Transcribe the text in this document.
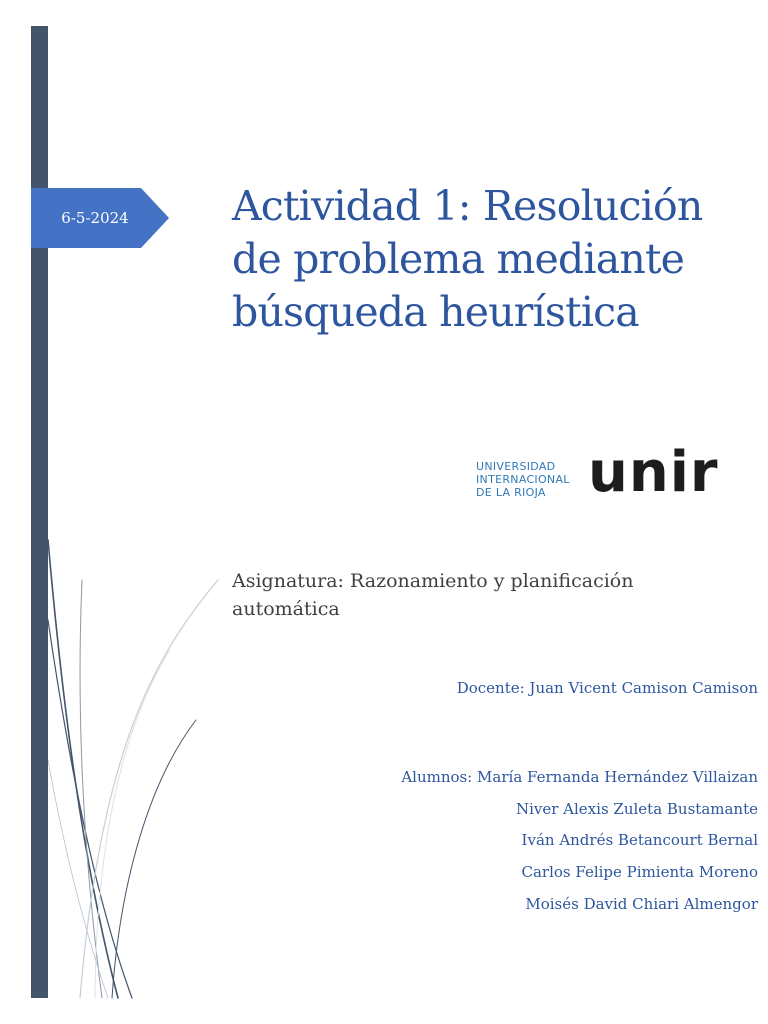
6-5-2024	Actividad 1: Resolución
de problema mediante
búsqueda heurística
UNIVERSIDAD
INTERNACIONAL
DE LA RIOJA unir
Asignatura: Razonamiento y planificación automática
Docente: Juan Vicent Camison Camison
Alumnos: María Fernanda Hernández Villaizan
Niver Alexis Zuleta Bustamante
Iván Andrés Betancourt Bernal
Carlos Felipe Pimienta Moreno
Moisés David Chiari Almengor
